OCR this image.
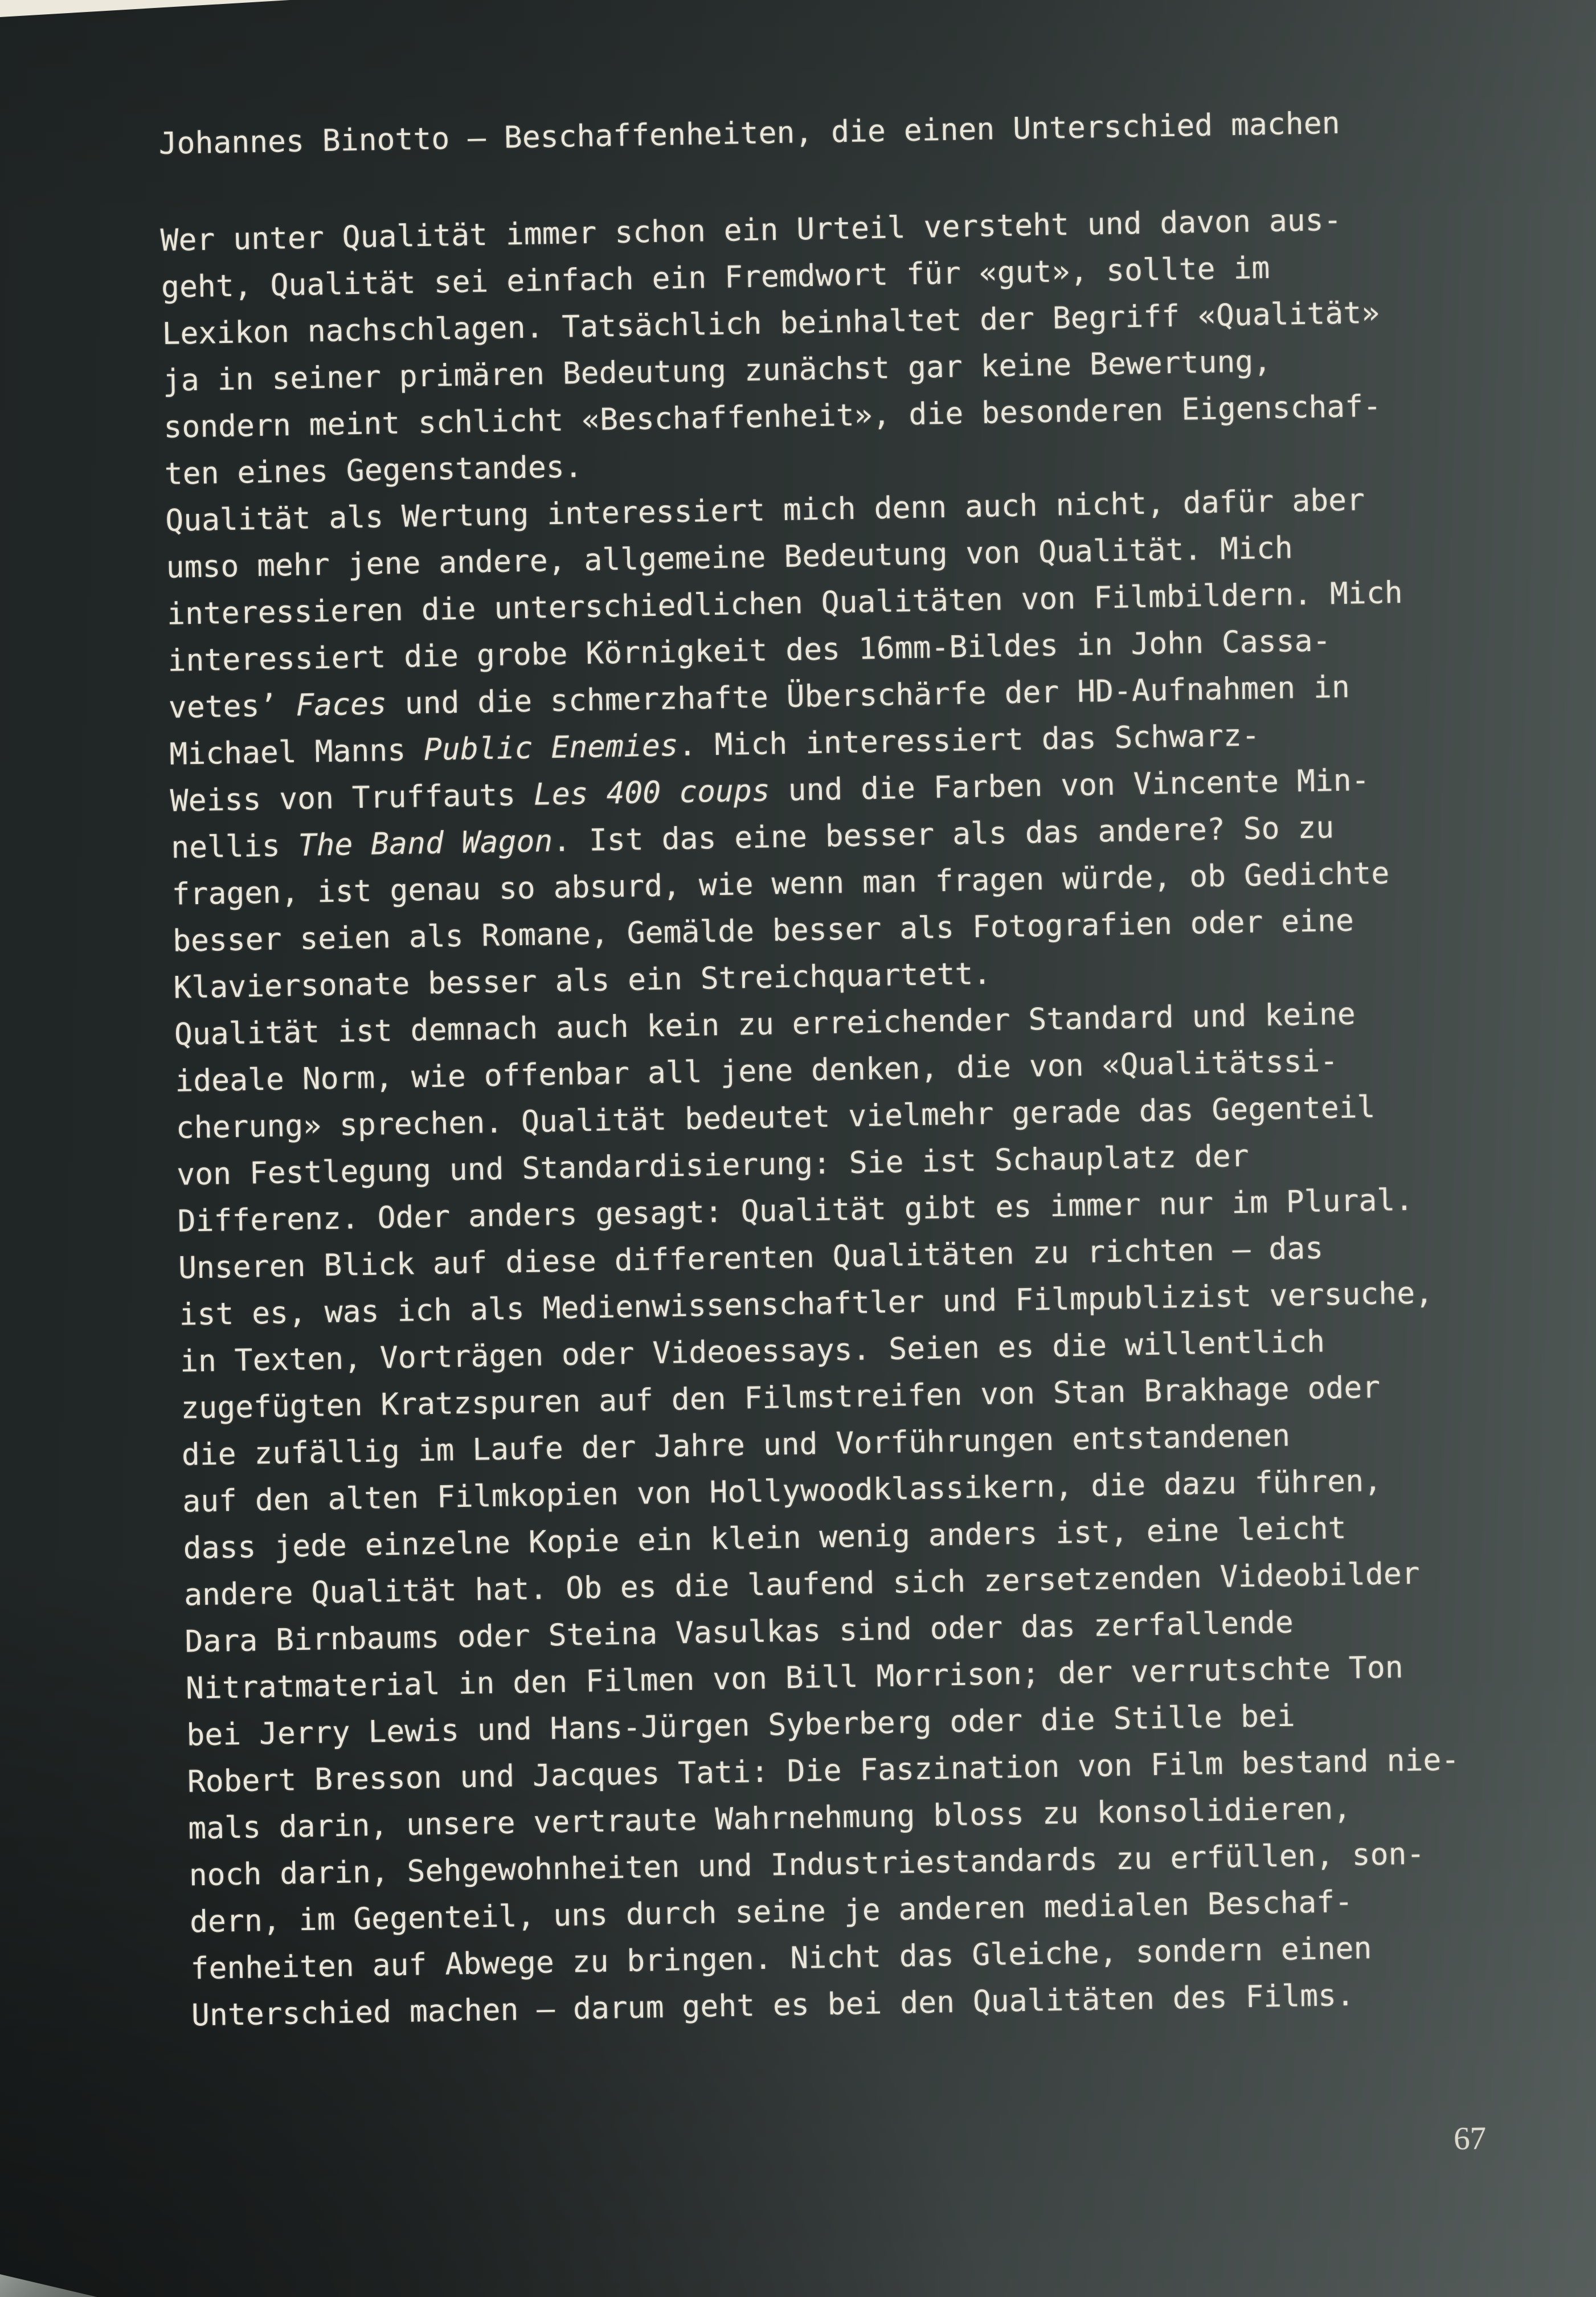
Johannes Binotto – Beschaffenheiten, die einen Unterschied machen
Wer unter Qualität immer schon ein Urteil versteht und davon aus-
geht, Qualität sei einfach ein Fremdwort für «gut», sollte im
Lexikon nachschlagen. Tatsächlich beinhaltet der Begriff «Qualität»
ja in seiner primären Bedeutung zunächst gar keine Bewertung,
sondern meint schlicht «Beschaffenheit», die besonderen Eigenschaf-
ten eines Gegenstandes.
Qualität als Wertung interessiert mich denn auch nicht, dafür aber
umso mehr jene andere, allgemeine Bedeutung von Qualität. Mich
interessieren die unterschiedlichen Qualitäten von Filmbildern. Mich
interessiert die grobe Körnigkeit des 16mm-Bildes in John Cassa-
vetes’ Faces und die schmerzhafte Überschärfe der HD-Aufnahmen in
Michael Manns Public Enemies. Mich interessiert das Schwarz-
Weiss von Truffauts Les 400 coups und die Farben von Vincente Min-
nellis The Band Wagon. Ist das eine besser als das andere? So zu
fragen, ist genau so absurd, wie wenn man fragen würde, ob Gedichte
besser seien als Romane, Gemälde besser als Fotografien oder eine
Klaviersonate besser als ein Streichquartett.
Qualität ist demnach auch kein zu erreichender Standard und keine
ideale Norm, wie offenbar all jene denken, die von «Qualitätssi-
cherung» sprechen. Qualität bedeutet vielmehr gerade das Gegenteil
von Festlegung und Standardisierung: Sie ist Schauplatz der
Differenz. Oder anders gesagt: Qualität gibt es immer nur im Plural.
Unseren Blick auf diese differenten Qualitäten zu richten – das
ist es, was ich als Medienwissenschaftler und Filmpublizist versuche,
in Texten, Vorträgen oder Videoessays. Seien es die willentlich
zugefügten Kratzspuren auf den Filmstreifen von Stan Brakhage oder
die zufällig im Laufe der Jahre und Vorführungen entstandenen
auf den alten Filmkopien von Hollywoodklassikern, die dazu führen,
dass jede einzelne Kopie ein klein wenig anders ist, eine leicht
andere Qualität hat. Ob es die laufend sich zersetzenden Videobilder
Dara Birnbaums oder Steina Vasulkas sind oder das zerfallende
Nitratmaterial in den Filmen von Bill Morrison; der verrutschte Ton
bei Jerry Lewis und Hans-Jürgen Syberberg oder die Stille bei
Robert Bresson und Jacques Tati: Die Faszination von Film bestand nie-
mals darin, unsere vertraute Wahrnehmung bloss zu konsolidieren,
noch darin, Sehgewohnheiten und Industriestandards zu erfüllen, son-
dern, im Gegenteil, uns durch seine je anderen medialen Beschaf-
fenheiten auf Abwege zu bringen. Nicht das Gleiche, sondern einen
Unterschied machen – darum geht es bei den Qualitäten des Films.
67
